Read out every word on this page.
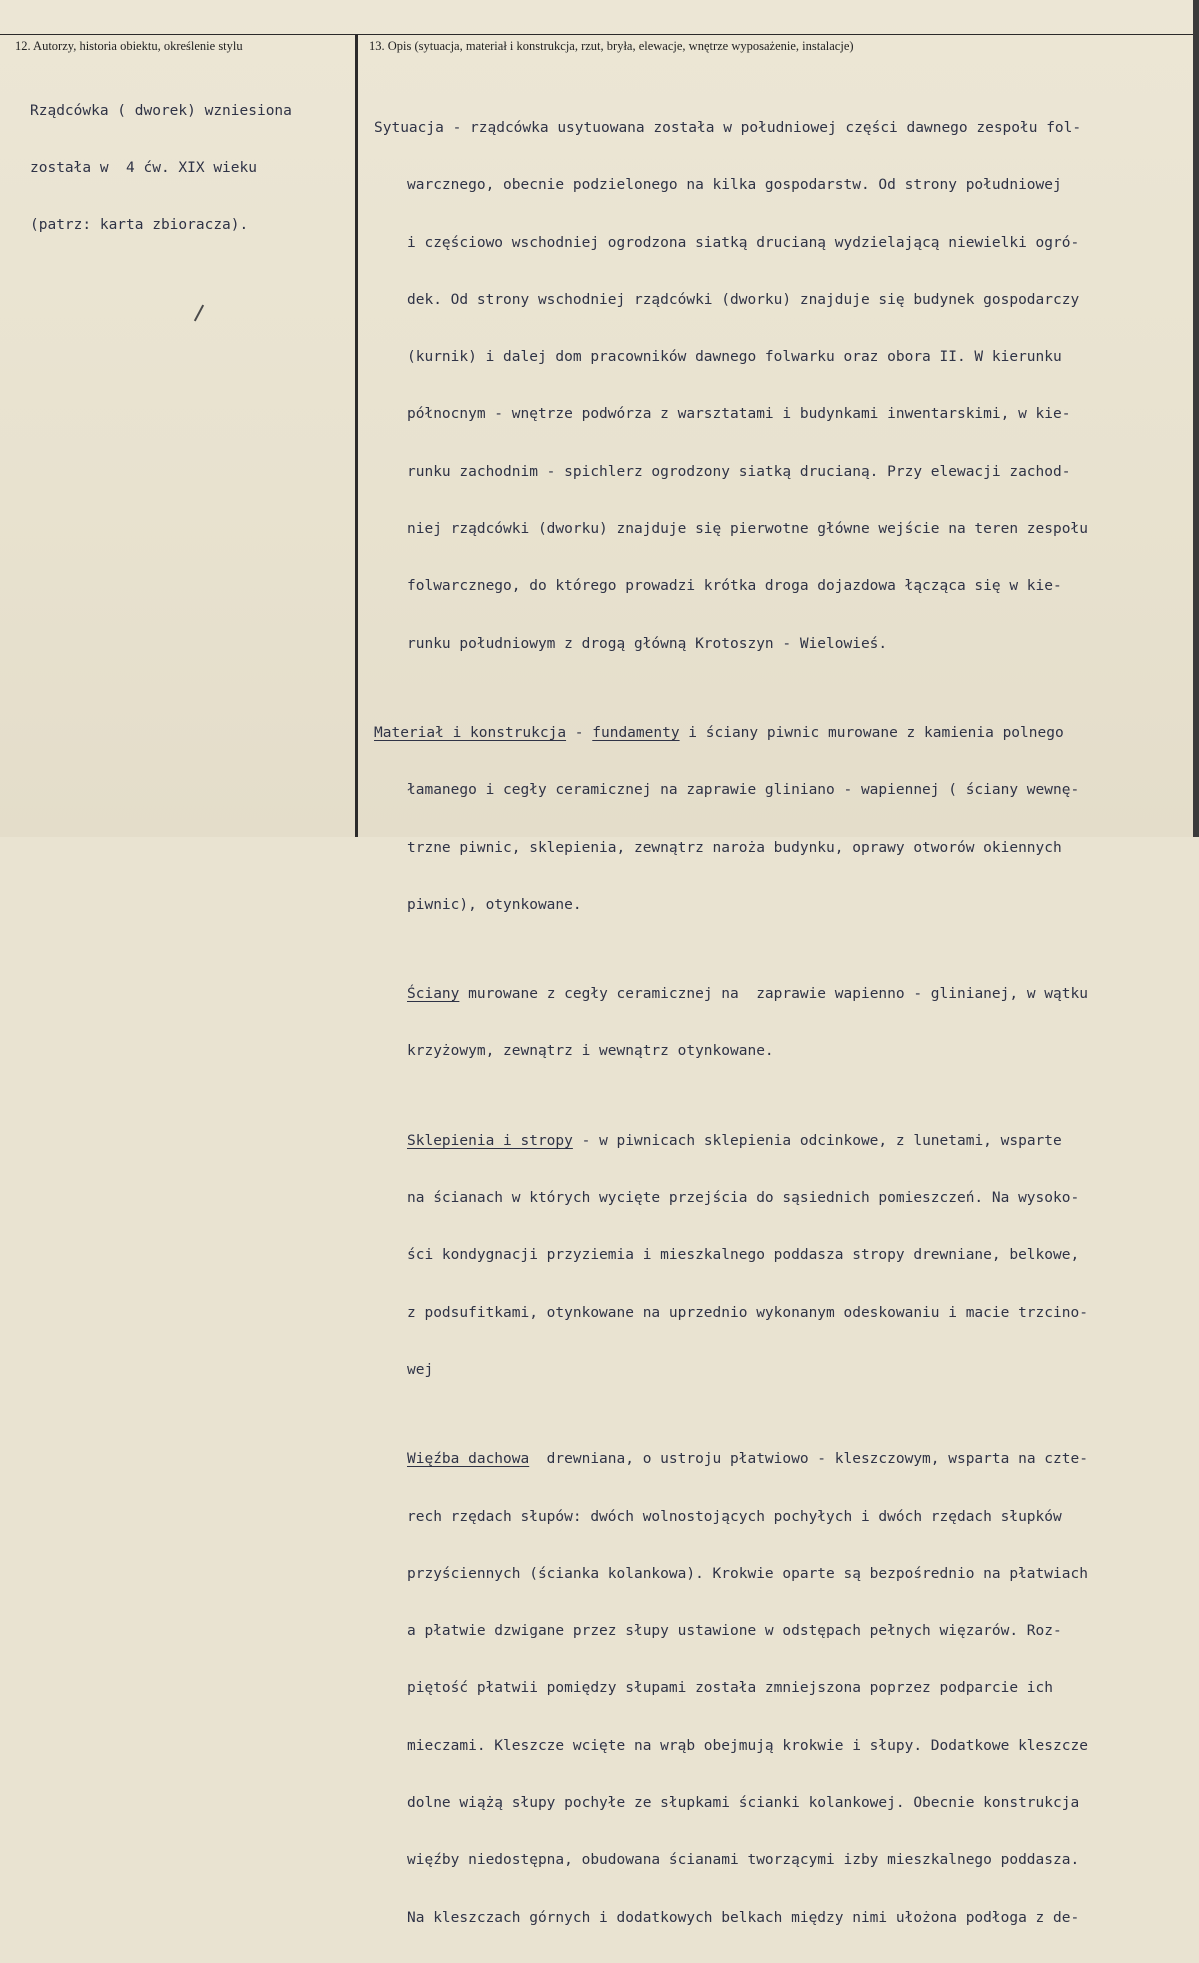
12. Autorzy, historia obiektu, określenie stylu	13. Opis (sytuacja, materiał i konstrukcja, rzut, bryła, elewacje, wnętrze wyposażenie, instalacje)

Rządcówka ( dworek) wzniesiona

została w  4 ćw. XIX wieku

(patrz: karta zbioracza).

Sytuacja - rządcówka usytuowana została w południowej części dawnego zespołu fol-

warcznego, obecnie podzielonego na kilka gospodarstw. Od strony południowej

i częściowo wschodniej ogrodzona siatką drucianą wydzielającą niewielki ogró-

dek. Od strony wschodniej rządcówki (dworku) znajduje się budynek gospodarczy

(kurnik) i dalej dom pracowników dawnego folwarku oraz obora II. W kierunku

północnym - wnętrze podwórza z warsztatami i budynkami inwentarskimi, w kie-

runku zachodnim - spichlerz ogrodzony siatką drucianą. Przy elewacji zachod-

niej rządcówki (dworku) znajduje się pierwotne główne wejście na teren zespołu

folwarcznego, do którego prowadzi krótka droga dojazdowa łącząca się w kie-

runku południowym z drogą główną Krotoszyn - Wielowieś.

Materiał i konstrukcja - fundamenty i ściany piwnic murowane z kamienia polnego

łamanego i cegły ceramicznej na zaprawie gliniano - wapiennej ( ściany wewnę-

trzne piwnic, sklepienia, zewnątrz naroża budynku, oprawy otworów okiennych

piwnic), otynkowane.

Ściany murowane z cegły ceramicznej na  zaprawie wapienno - glinianej, w wątku

krzyżowym, zewnątrz i wewnątrz otynkowane.

Sklepienia i stropy - w piwnicach sklepienia odcinkowe, z lunetami, wsparte

na ścianach w których wycięte przejścia do sąsiednich pomieszczeń. Na wysoko-

ści kondygnacji przyziemia i mieszkalnego poddasza stropy drewniane, belkowe,

z podsufitkami, otynkowane na uprzednio wykonanym odeskowaniu i macie trzcino-

wej

Więźba dachowa  drewniana, o ustroju płatwiowo - kleszczowym, wsparta na czte-

rech rzędach słupów: dwóch wolnostojących pochyłych i dwóch rzędach słupków

przyściennych (ścianka kolankowa). Krokwie oparte są bezpośrednio na płatwiach

a płatwie dzwigane przez słupy ustawione w odstępach pełnych więzarów. Roz-

piętość płatwii pomiędzy słupami została zmniejszona poprzez podparcie ich

mieczami. Kleszcze wcięte na wrąb obejmują krokwie i słupy. Dodatkowe kleszcze

dolne wiążą słupy pochyłe ze słupkami ścianki kolankowej. Obecnie konstrukcja

więźby niedostępna, obudowana ścianami tworzącymi izby mieszkalnego poddasza.

Na kleszczach górnych i dodatkowych belkach między nimi ułożona podłoga z de-
